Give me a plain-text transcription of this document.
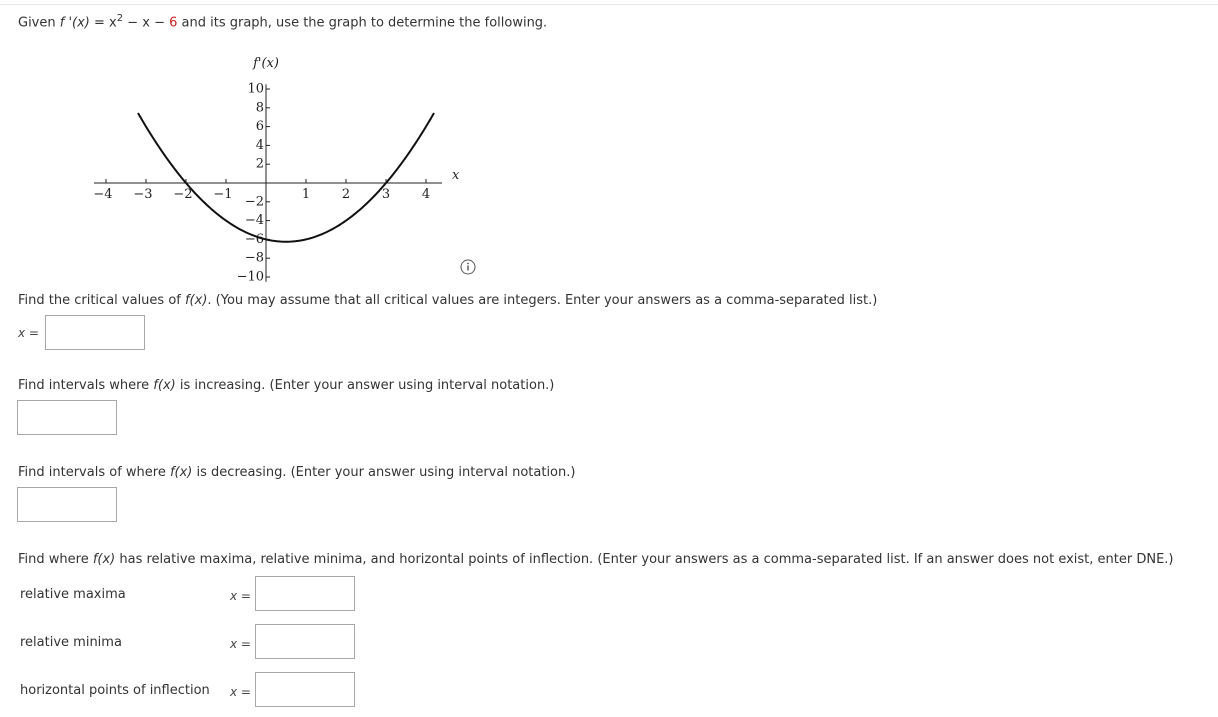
Given f '$(x) = x^2 - x - 6$ and its graph, use the graph to determine the following.
−4 −3 −2 −1	1 2 3 4
10
8
6
4
2
−2
−4
−6
−8
−10
f'(x)
x
Find the critical values of f(x). (You may assume that all critical values are integers. Enter your answers as a comma-separated list.)
x =
Find intervals where f(x) is increasing. (Enter your answer using interval notation.)
Find intervals of where f(x) is decreasing. (Enter your answer using interval notation.)
Find where f(x) has relative maxima, relative minima, and horizontal points of inflection. (Enter your answers as a comma-separated list. If an answer does not exist, enter DNE.)
relative maxima	x =
relative minima	x =
horizontal points of inflection x =
